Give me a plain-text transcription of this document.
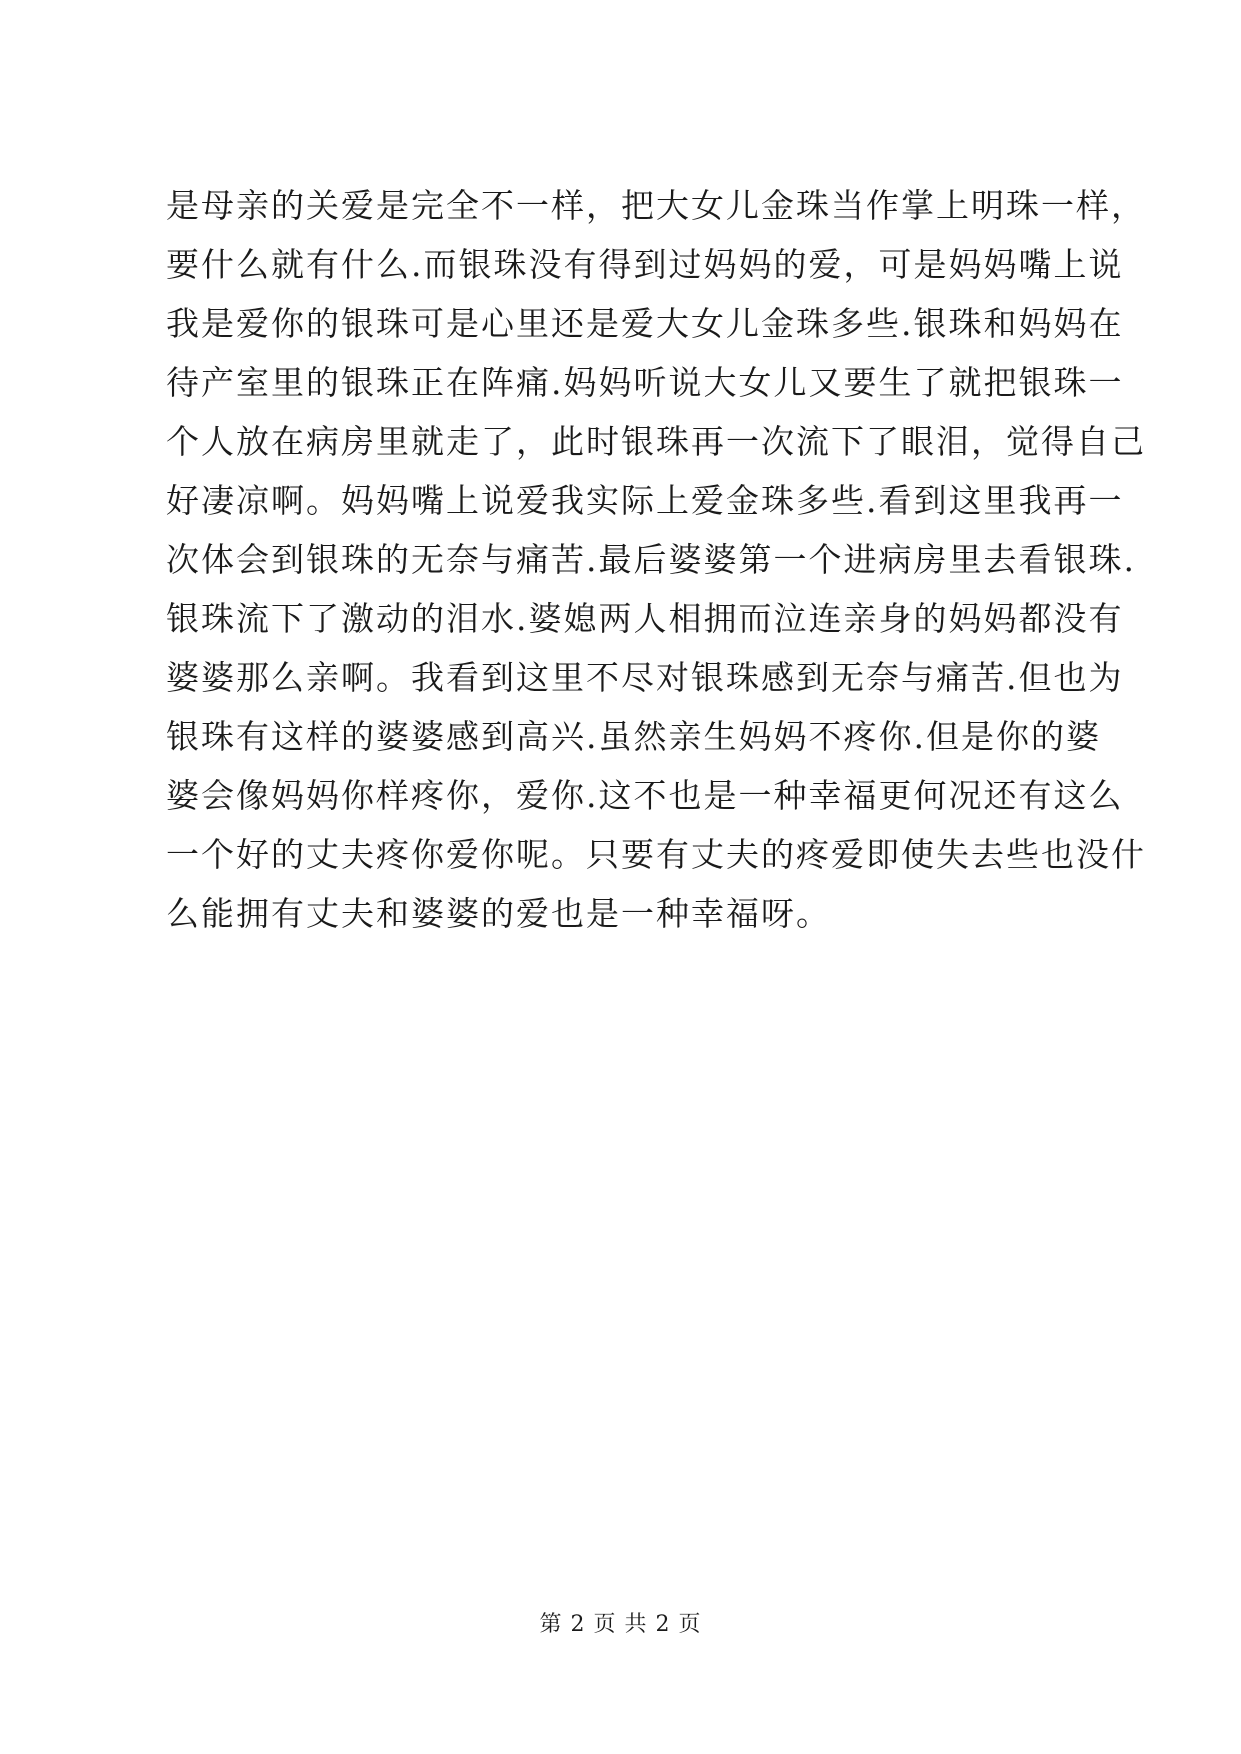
是母亲的关爱是完全不一样，把大女儿金珠当作掌上明珠一样，
要什么就有什么.而银珠没有得到过妈妈的爱，可是妈妈嘴上说
我是爱你的银珠可是心里还是爱大女儿金珠多些.银珠和妈妈在
待产室里的银珠正在阵痛.妈妈听说大女儿又要生了就把银珠一
个人放在病房里就走了，此时银珠再一次流下了眼泪，觉得自己
好凄凉啊。妈妈嘴上说爱我实际上爱金珠多些.看到这里我再一
次体会到银珠的无奈与痛苦.最后婆婆第一个进病房里去看银珠.
银珠流下了激动的泪水.婆媳两人相拥而泣连亲身的妈妈都没有
婆婆那么亲啊。我看到这里不尽对银珠感到无奈与痛苦.但也为
银珠有这样的婆婆感到高兴.虽然亲生妈妈不疼你.但是你的婆
婆会像妈妈你样疼你，爱你.这不也是一种幸福更何况还有这么
一个好的丈夫疼你爱你呢。只要有丈夫的疼爱即使失去些也没什
么能拥有丈夫和婆婆的爱也是一种幸福呀。
第 2 页 共 2 页
